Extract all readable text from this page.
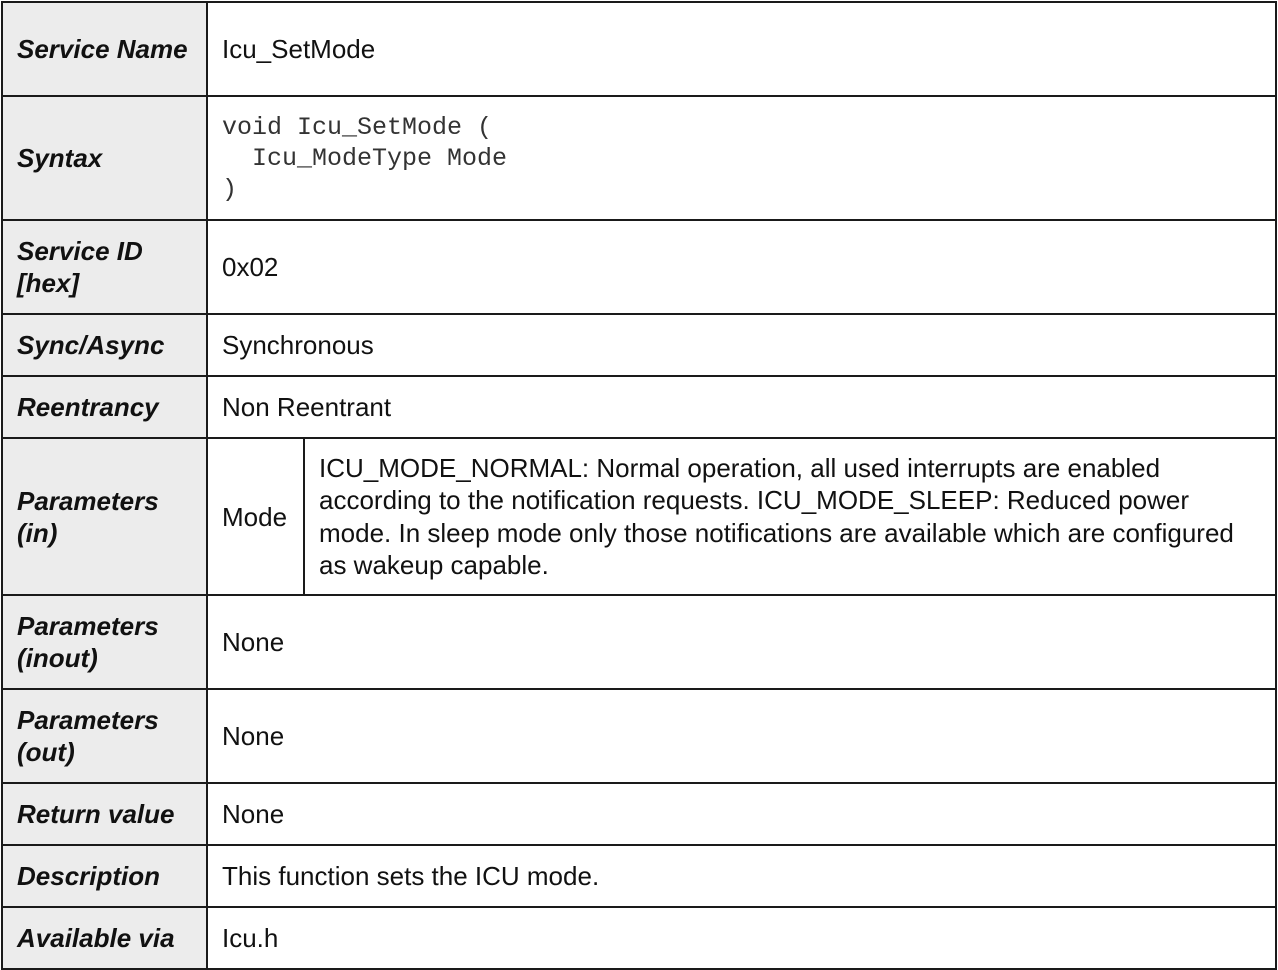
Service Name	Icu_SetMode	
Syntax	void Icu_SetMode (
Icu_ModeType Mode
)	

Service ID [hex]	0x02	
Sync/Async	Synchronous	
Reentrancy	Non Reentrant	
Parameters (in)	Mode	ICU_MODE_NORMAL: Normal operation, all used interrupts are enabled according to the notification requests. ICU_MODE_SLEEP: Reduced power mode. In sleep mode only those notifications are available which are configured as wakeup capable.

Parameters (inout)	None	
Parameters (out)	None	
Return value	None	
Description	This function sets the ICU mode.	
Available via	Icu.h	
